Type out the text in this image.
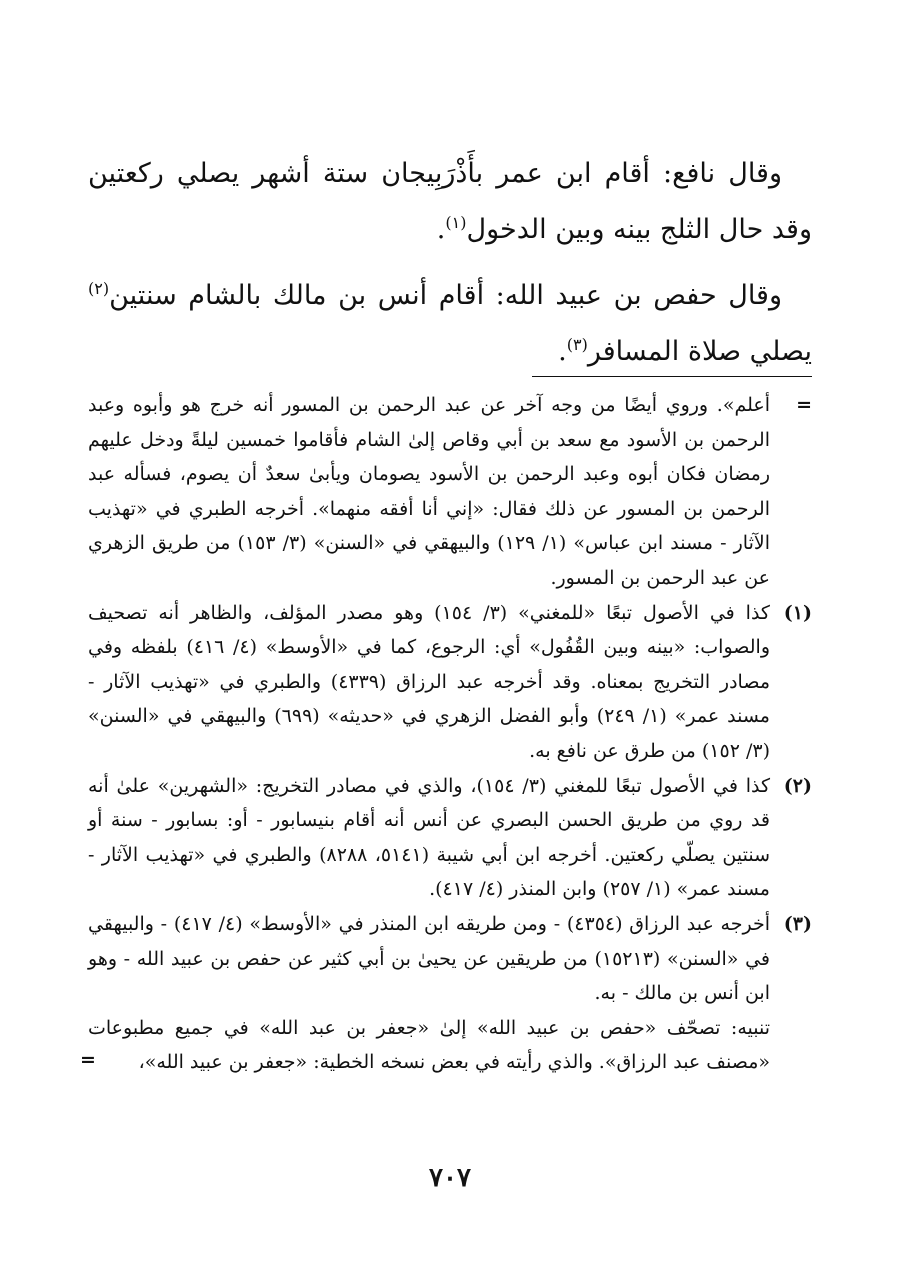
وقال نافع: أقام ابن عمر بأَذْرَبِيجان ستة أشهر يصلي ركعتين وقد حال الثلج بينه وبين الدخول$^{(١)}$.

وقال حفص بن عبيد الله: أقام أنس بن مالك بالشام سنتين$^{(٢)}$ يصلي صلاة المسافر$^{(٣)}$.

=
أعلم». وروي أيضًا من وجه آخر عن عبد الرحمن بن المسور أنه خرج هو وأبوه وعبد الرحمن بن الأسود مع سعد بن أبي وقاص إلىٰ الشام فأقاموا خمسين ليلةً ودخل عليهم رمضان فكان أبوه وعبد الرحمن بن الأسود يصومان ويأبىٰ سعدٌ أن يصوم، فسأله عبد الرحمن بن المسور عن ذلك فقال: «إني أنا أفقه منهما». أخرجه الطبري في «تهذيب الآثار - مسند ابن عباس» (١/ ١٢٩) والبيهقي في «السنن» (٣/ ١٥٣) من طريق الزهري عن عبد الرحمن بن المسور.

(١)
كذا في الأصول تبعًا «للمغني» (٣/ ١٥٤) وهو مصدر المؤلف، والظاهر أنه تصحيف والصواب: «بينه وبين القُفُول» أي: الرجوع، كما في «الأوسط» (٤/ ٤١٦) بلفظه وفي مصادر التخريج بمعناه. وقد أخرجه عبد الرزاق (٤٣٣٩) والطبري في «تهذيب الآثار - مسند عمر» (١/ ٢٤٩) وأبو الفضل الزهري في «حديثه» (٦٩٩) والبيهقي في «السنن» (٣/ ١٥٢) من طرق عن نافع به.

(٢)
كذا في الأصول تبعًا للمغني (٣/ ١٥٤)، والذي في مصادر التخريج: «الشهرين» علىٰ أنه قد روي من طريق الحسن البصري عن أنس أنه أقام بنيسابور - أو: بسابور - سنة أو سنتين يصلّي ركعتين. أخرجه ابن أبي شيبة (٥١٤١، ٨٢٨٨) والطبري في «تهذيب الآثار - مسند عمر» (١/ ٢٥٧) وابن المنذر (٤/ ٤١٧).

(٣)
أخرجه عبد الرزاق (٤٣٥٤) - ومن طريقه ابن المنذر في «الأوسط» (٤/ ٤١٧) - والبيهقي في «السنن» (١٥٢١٣) من طريقين عن يحيىٰ بن أبي كثير عن حفص بن عبيد الله - وهو ابن أنس بن مالك - به.

تنبيه: تصحّف «حفص بن عبيد الله» إلىٰ «جعفر بن عبد الله» في جميع مطبوعات «مصنف عبد الرزاق». والذي رأيته في بعض نسخه الخطية: «جعفر بن عبيد الله»،
=

٧٠٧
